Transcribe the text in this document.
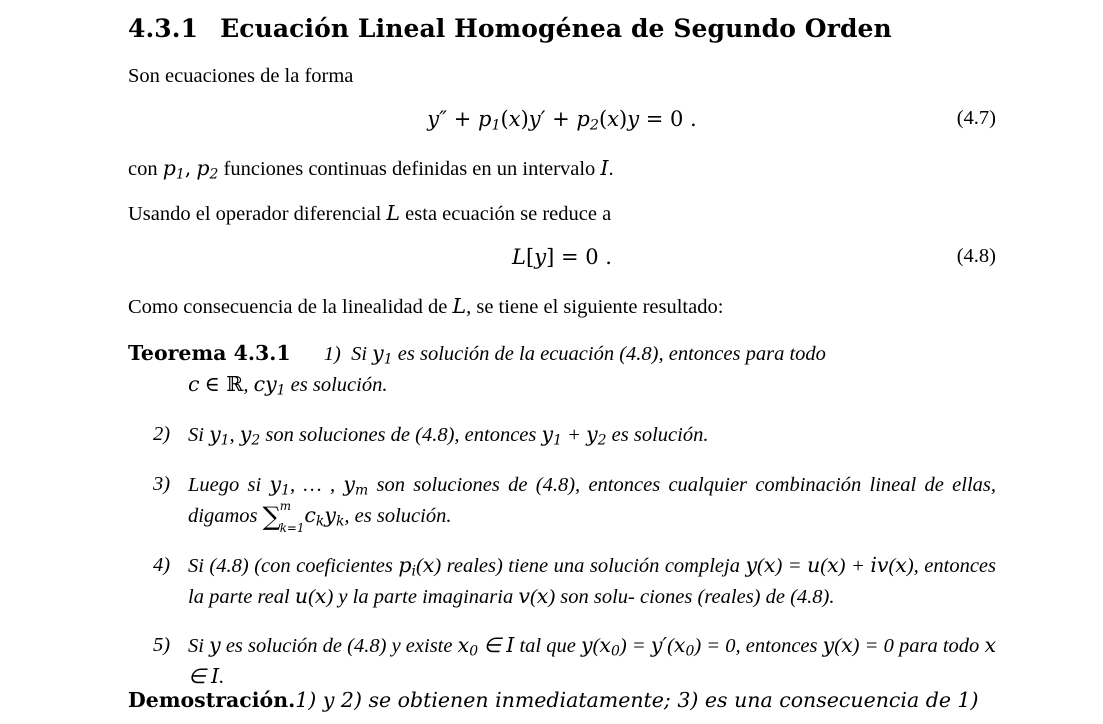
4.3.1 Ecuación Lineal Homogénea de Segundo Orden

Son ecuaciones de la forma

$y'' + p_1(x)y' + p_2(x)y = 0$ .	(4.7)

con $p_1$, $p_2$ funciones continuas definidas en un intervalo I.

Usando el operador diferencial L esta ecuación se reduce a

L[y] = 0 .	(4.8)

Como consecuencia de la linealidad de L, se tiene el siguiente resultado:

Teorema 4.3.1 1)  Si $y_1$ es solución de la ecuación (4.8), entonces para todo
c ∈ ℝ, $cy_1$ es solución.
2) Si $y_1$, $y_2$ son soluciones de (4.8), entonces $y_1 + y_2$ es solución.
3) Luego si $y_1$, … , $y_m$ son soluciones de (4.8), entonces cualquier combinación lineal de ellas, digamos ∑
m
k=1
$c_ky_k$, es solución.
4) Si (4.8) (con coeficientes $p_i(x)$ reales) tiene una solución compleja y(x) = u(x) + iv(x), entonces la parte real u(x) y la parte imaginaria v(x) son solu- ciones (reales) de (4.8).
5) Si y es solución de (4.8) y existe $x_0$ ∈ I tal que $y(x_0) = y'(x_0) = 0$, entonces y(x) = 0 para todo x ∈ I.
Demostración.1) y 2) se obtienen inmediatamente; 3) es una consecuencia de 1)
